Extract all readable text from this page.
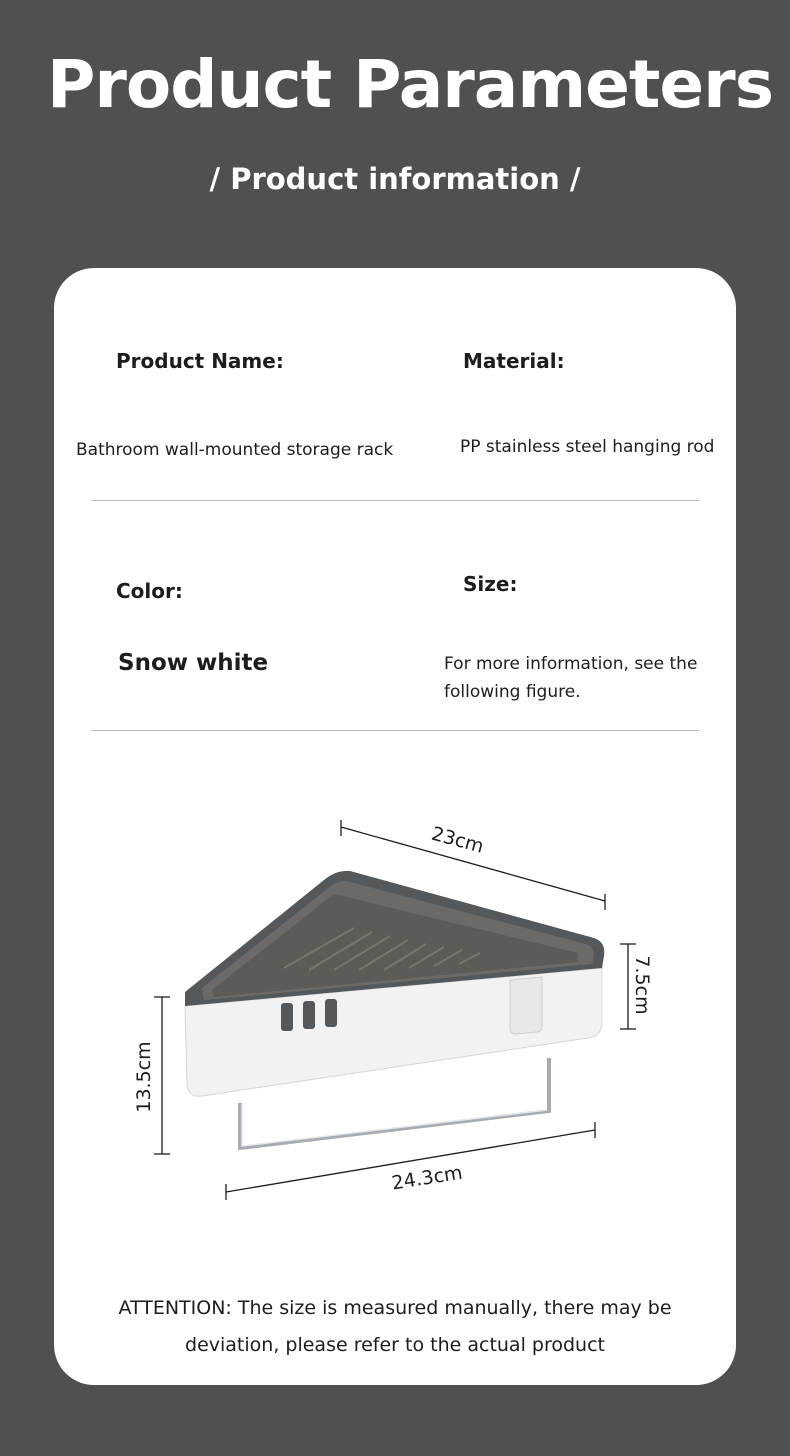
Product Parameters
/ Product information /
Product Name:	Material:
Bathroom wall-mounted storage rack	PP stainless steel hanging rod
Color:	Size:
Snow white	For more information, see the
following figure.
23cm
7.5cm
13.5cm
24.3cm
ATTENTION: The size is measured manually, there may be
deviation, please refer to the actual product
